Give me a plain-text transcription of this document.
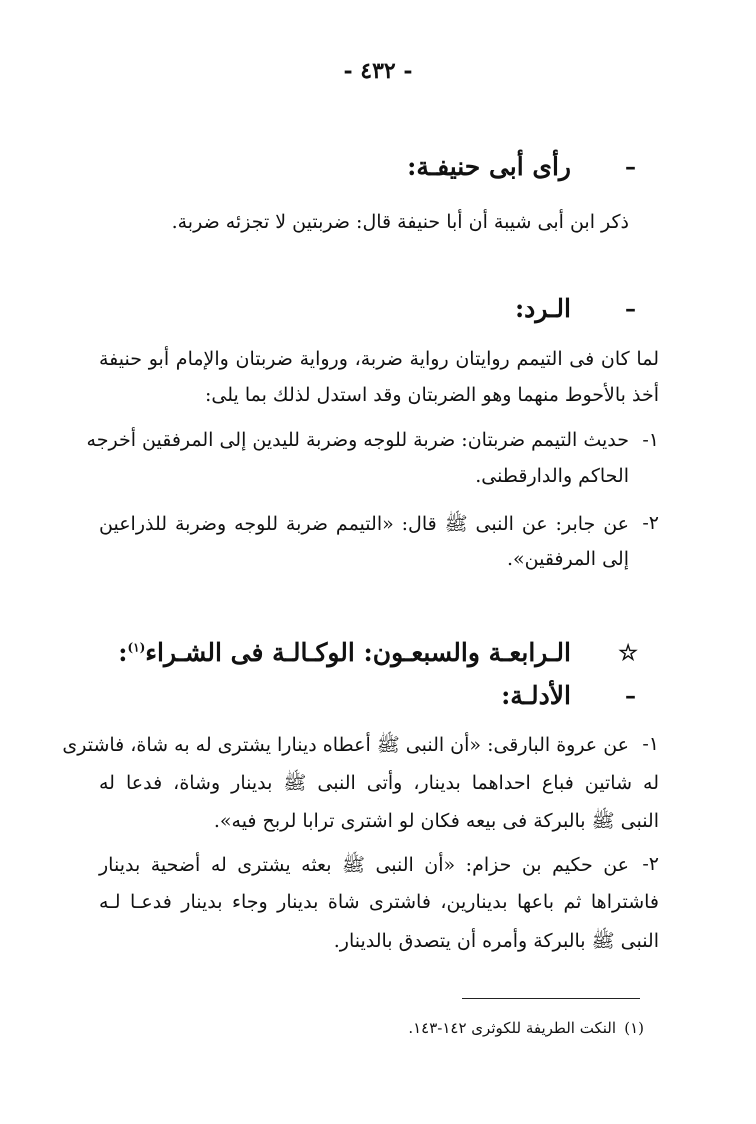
- ٤٣٢ -
–
رأى أبى حنيفـة:
ذكر ابن أبى شيبة أن أبا حنيفة قال: ضربتين لا تجزئه ضربة.
–
الـرد:
لما كان فى التيمم روايتان رواية ضربة، ورواية ضربتان والإمام أبو حنيفة
أخذ بالأحوط منهما وهو الضربتان وقد استدل لذلك بما يلى:
١-
حديث التيمم ضربتان: ضربة للوجه وضربة لليدين إلى المرفقين أخرجه
الحاكم والدارقطنى.
٢-
عن جابر: عن النبى ﷺ قال: «التيمم ضربة للوجه وضربة للذراعين
إلى المرفقين».
☆
الـرابعـة والسبعـون: الوكـالـة فى الشـراء$^{(١)}$:
–
الأدلـة:
١-
عن عروة البارقى: «أن النبى ﷺ أعطاه دينارا يشترى له به شاة، فاشترى
له شاتين فباع احداهما بدينار، وأتى النبى ﷺ بدينار وشاة، فدعا له
النبى ﷺ بالبركة فى بيعه فكان لو اشترى ترابا لربح فيه».
٢-
عن حكيم بن حزام: «أن النبى ﷺ بعثه يشترى له أضحية بدينار
فاشتراها ثم باعها بدينارين، فاشترى شاة بدينار وجاء بدينار فدعـا لـه
النبى ﷺ بالبركة وأمره أن يتصدق بالدينار.
(١)
النكت الطريفة للكوثرى ١٤٢-١٤٣.
